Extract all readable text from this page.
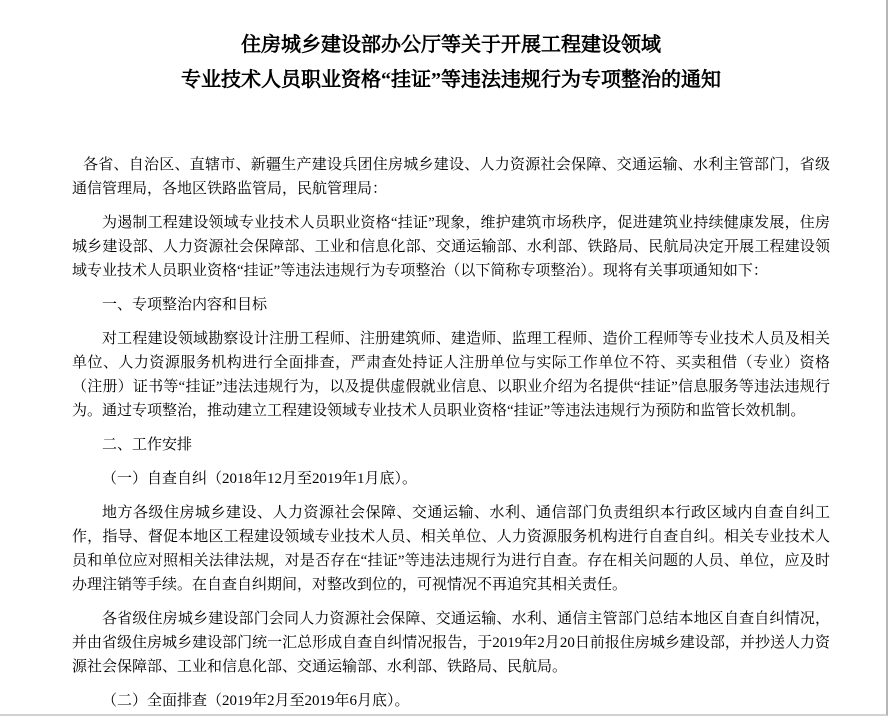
住房城乡建设部办公厅等关于开展工程建设领域
专业技术人员职业资格“挂证”等违法违规行为专项整治的通知

各省、自治区、直辖市、新疆生产建设兵团住房城乡建设、人力资源社会保障、交通运输、水利主管部门，省级通信管理局，各地区铁路监管局，民航管理局：

为遏制工程建设领域专业技术人员职业资格“挂证”现象，维护建筑市场秩序，促进建筑业持续健康发展，住房城乡建设部、人力资源社会保障部、工业和信息化部、交通运输部、水利部、铁路局、民航局决定开展工程建设领域专业技术人员职业资格“挂证”等违法违规行为专项整治（以下简称专项整治）。现将有关事项通知如下：

一、专项整治内容和目标

对工程建设领域勘察设计注册工程师、注册建筑师、建造师、监理工程师、造价工程师等专业技术人员及相关单位、人力资源服务机构进行全面排查，严肃查处持证人注册单位与实际工作单位不符、买卖租借（专业）资格（注册）证书等“挂证”违法违规行为，以及提供虚假就业信息、以职业介绍为名提供“挂证”信息服务等违法违规行为。通过专项整治，推动建立工程建设领域专业技术人员职业资格“挂证”等违法违规行为预防和监管长效机制。

二、工作安排

（一）自查自纠（2018年12月至2019年1月底）。

地方各级住房城乡建设、人力资源社会保障、交通运输、水利、通信部门负责组织本行政区域内自查自纠工作，指导、督促本地区工程建设领域专业技术人员、相关单位、人力资源服务机构进行自查自纠。相关专业技术人员和单位应对照相关法律法规，对是否存在“挂证”等违法违规行为进行自查。存在相关问题的人员、单位，应及时办理注销等手续。在自查自纠期间，对整改到位的，可视情况不再追究其相关责任。

各省级住房城乡建设部门会同人力资源社会保障、交通运输、水利、通信主管部门总结本地区自查自纠情况，并由省级住房城乡建设部门统一汇总形成自查自纠情况报告，于2019年2月20日前报住房城乡建设部，并抄送人力资源社会保障部、工业和信息化部、交通运输部、水利部、铁路局、民航局。

（二）全面排查（2019年2月至2019年6月底）。
